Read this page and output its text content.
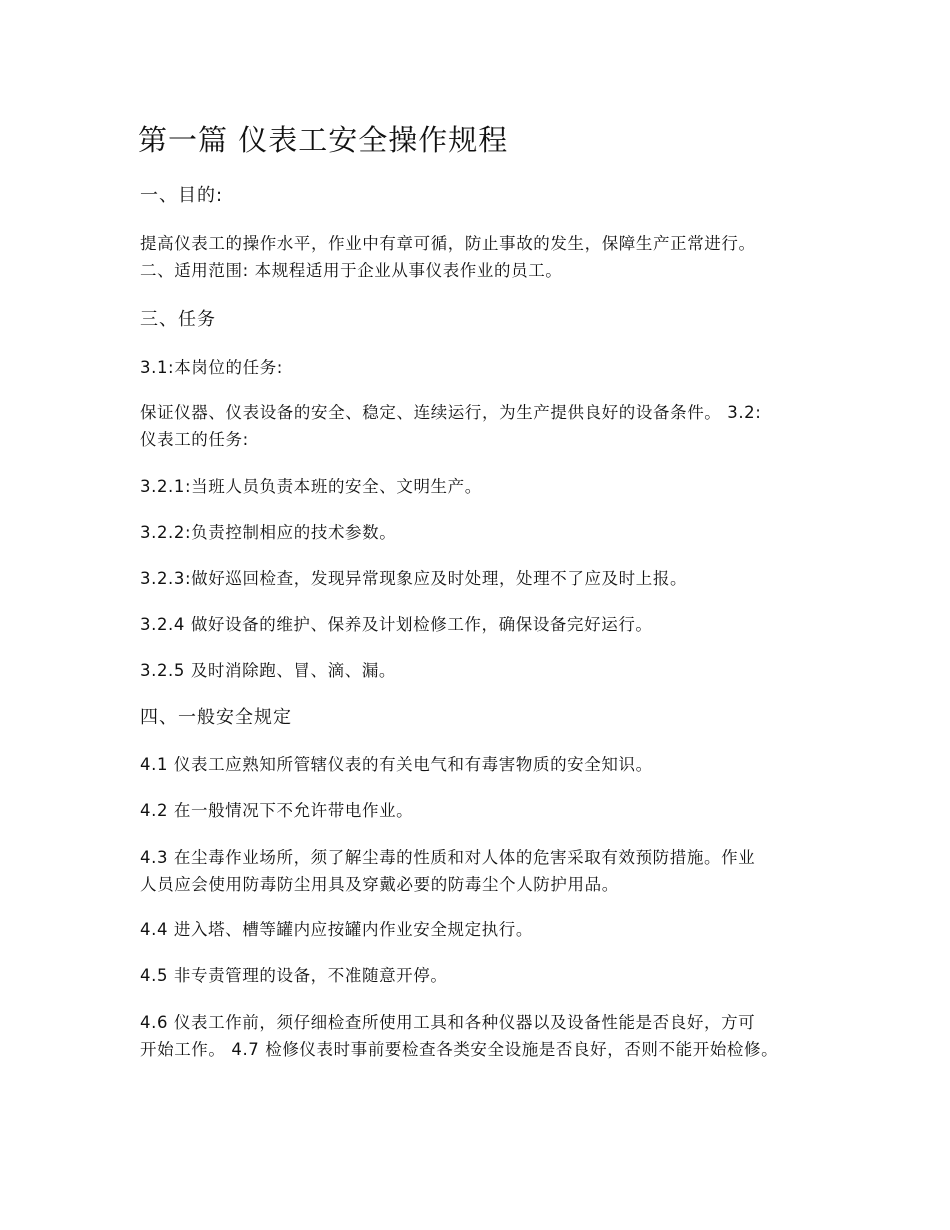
第一篇 仪表工安全操作规程
一、目的:
提高仪表工的操作水平，作业中有章可循，防止事故的发生，保障生产正常进行。
二、适用范围: 本规程适用于企业从事仪表作业的员工。
三、任务
3.1:本岗位的任务:
保证仪器、仪表设备的安全、稳定、连续运行，为生产提供良好的设备条件。 3.2:
仪表工的任务:
3.2.1:当班人员负责本班的安全、文明生产。
3.2.2:负责控制相应的技术参数。
3.2.3:做好巡回检查，发现异常现象应及时处理，处理不了应及时上报。
3.2.4 做好设备的维护、保养及计划检修工作，确保设备完好运行。
3.2.5 及时消除跑、冒、滴、漏。
四、一般安全规定
4.1 仪表工应熟知所管辖仪表的有关电气和有毒害物质的安全知识。
4.2 在一般情况下不允许带电作业。
4.3 在尘毒作业场所，须了解尘毒的性质和对人体的危害采取有效预防措施。作业
人员应会使用防毒防尘用具及穿戴必要的防毒尘个人防护用品。
4.4 进入塔、槽等罐内应按罐内作业安全规定执行。
4.5 非专责管理的设备，不准随意开停。
4.6 仪表工作前，须仔细检查所使用工具和各种仪器以及设备性能是否良好，方可
开始工作。 4.7 检修仪表时事前要检查各类安全设施是否良好，否则不能开始检修。
